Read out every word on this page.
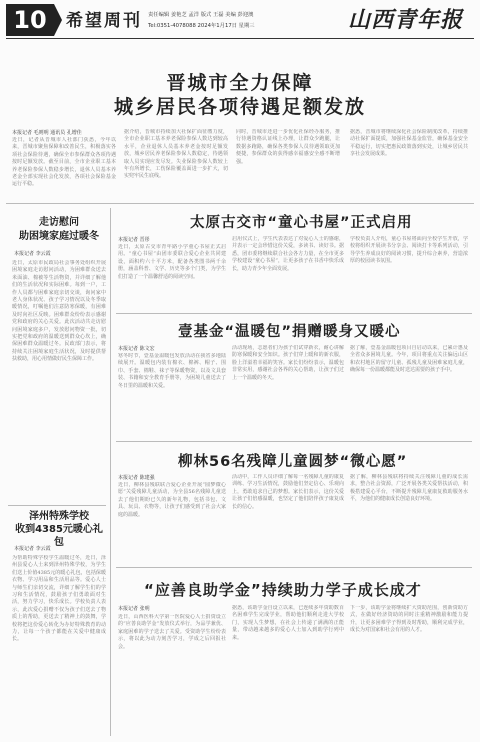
10	希望周刊 责任编辑 姜艳芝 孟洋 版式 王磊 美编 彭迎澳
Tel:0351-4078088 2024年1月17日 星期三	山西青年报
晋城市全力保障
城乡居民各项待遇足额发放
本报记者 毛则明 通讯员 孔增佳
近日，记者从晋城市人社部门获悉，今年以来，晋城市聚焦保障和改善民生，积极落实各项社会保险待遇，确保全市参保群众各项待遇按时足额发放。截至目前，全市企业职工基本养老保险参保人数稳步增长，退休人员基本养老金全部实现社会化发放，各项社会保险基金运行平稳。
据介绍，晋城市持续加大社保扩面征缴力度，全市企业职工基本养老保险参保人数达到较高水平，企业退休人员基本养老金按时足额发放，城乡居民养老保险参保人数稳定，待遇领取人员实现应发尽发。失业保险参保人数较上年有所增长，工伤保险覆盖面进一步扩大，切实兜牢民生底线。
同时，晋城市还进一步优化社保经办服务，推行待遇资格认证线上办理，让群众少跑腿，让数据多跑路，确保各类参保人员待遇领取更加便捷，参保群众的获得感幸福感安全感不断增强。
据悉，晋城市将继续深化社会保险制度改革，持续推动社保扩面提质，加强社保基金监管，确保基金安全平稳运行，切实把惠民政策落到实处，让城乡居民共享社会发展成果。
走访慰问
助困境家庭过暖冬
本报记者 李云霞
近日，太原市民政局社会事务处组织开展困境家庭走访慰问活动，为困难群众送去米面油、棉被等生活物资，并详细了解他们的生活状况和实际困难。每到一户，工作人员都与困难家庭亲切交谈，询问家中老人身体状况、孩子学习情况以及冬季取暖情况，叮嘱他们注意防寒保暖，有困难及时向社区反映。困难群众纷纷表示感谢党和政府的关心关爱。此次活动共走访慰问困境家庭多户，发放慰问物资一批，切实把党和政府的温暖送到群众心坎上，确保困难群众温暖过冬。民政部门表示，将持续关注困境家庭生活状况，及时提供帮扶救助，用心用情做好民生保障工作。
泽州特殊学校
收到4385元暖心礼包
本报记者 李云霞
为帮助特殊学校学生温暖过冬，近日，泽州县爱心人士来到泽州特殊学校，为学生们送上价值4385元的暖心礼包，包括保暖衣物、学习用品和生活用品等。爱心人士与师生们亲切交流，详细了解学生们的学习和生活情况，鼓励孩子们勇敢面对生活，努力学习，快乐成长。学校负责人表示，此次爱心捐赠不仅为孩子们送去了物质上的帮助，更送去了精神上的鼓舞，学校将把这份爱心转化为办好特殊教育的动力，让每一个孩子都能在关爱中健康成长。
太原古交市“童心书屋”正式启用
本报记者 晋彤
近日，太原古交市青年路小学童心书屋正式启用。“童心书屋”由团市委联合爱心企业共同建设，面积约六十平方米，配备各类图书两千余册，涵盖科普、文学、历史等多个门类，为学生们打造了一个温馨舒适的阅读空间。
启用仪式上，学生代表表达了对爱心人士的感谢，并表示一定会珍惜这份关爱，多读书、读好书。据悉，团市委将继续联合社会各方力量，在全市更多学校建设“童心书屋”，让更多孩子在书香中快乐成长，助力青少年全面发展。
学校负责人介绍，童心书屋将面向全校学生开放，学校将组织开展读书分享会、阅读打卡等系列活动，引导学生养成良好的阅读习惯，提升综合素养，营造浓厚的校园读书氛围。
壹基金“温暖包”捐赠暖身又暖心
本报记者 陈文宏
寒冬时节，壹基金温暖包发放活动在我省多地陆续展开。温暖包内装有棉衣、棉裤、帽子、围巾、手套、棉鞋、袜子等保暖物资，以及文具套装、书籍和安全教育手册等，为困境儿童送去了冬日里的温暖和关爱。
活动现场，志愿者们为孩子们试穿新衣，耐心讲解防寒保暖和安全知识。孩子们穿上暖和的新衣服，脸上洋溢着幸福的笑容。家长们纷纷表示，温暖包非常实用，感谢社会各界的关心帮助，让孩子们过上一个温暖的冬天。
据了解，壹基金温暖包项目自启动以来，已累计惠及全省众多困境儿童。今年，项目将重点关注偏远山区和农村地区的留守儿童、孤残儿童及困难家庭儿童，确保每一份温暖都能及时送达需要的孩子手中。
柳林56名残障儿童圆梦“微心愿”
本报记者 陈建强
近日，柳林县残联联合爱心企业开展“圆梦微心愿”关爱残障儿童活动，为全县56名残障儿童送去了他们期盼已久的新年礼物，包括书包、文具、玩具、衣物等，让孩子们感受到了社会大家庭的温暖。
活动中，工作人员详细了解每一名残障儿童的康复训练、学习生活情况，鼓励他们坚定信心、乐观向上，勇敢追求自己的梦想。家长们表示，这份关爱让孩子们倍感温暖，也坚定了他们陪伴孩子康复成长的信心。
据了解，柳林县残联将持续关注残障儿童的成长需求，整合社会资源，广泛开展各类关爱帮扶活动，积极搭建爱心平台，不断提升残障儿童康复救助服务水平，为他们的健康成长创造良好环境。
“应善良助学金”持续助力学子成长成才
本报记者 张明
近日，山西医科大学第一医院爱心人士捐资设立的“应善良助学金”发放仪式举行，为品学兼优、家庭困难的学子送去了关爱。受资助学生纷纷表示，将以此为动力刻苦学习，学成之后回报社会。
据悉，该助学金自设立以来，已连续多年资助数百名困难学生完成学业，帮助他们顺利走进大学校门，实现人生梦想，在社会上传递了满满的正能量，带动越来越多的爱心人士加入到助学行列中来。
下一步，该助学金将继续扩大资助范围，创新资助方式，在做好经济资助的同时注重精神激励和能力提升，让更多困难学子得到及时帮助，顺利完成学业，成长为对国家和社会有用的人才。
